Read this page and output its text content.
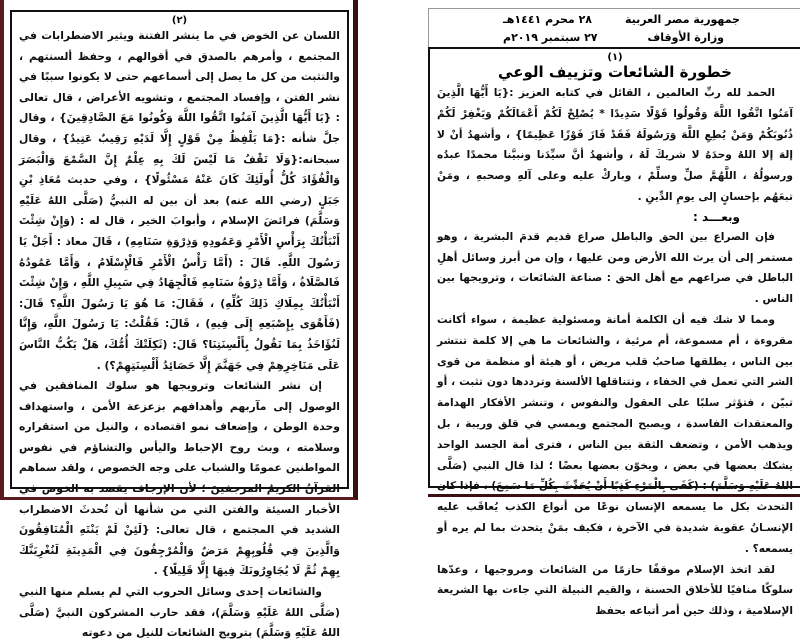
(٢)

اللسان عن الخوض في ما ينشر الفتنة ويثير الاضطرابات في المجتمع ، وأمرهم بالصدق في أقوالهم ، وحفظ ألسنتهم ، والتثبت من كل ما يصل إلى أسماعهم حتى لا يكونوا سببًا في نشر الفتن ، وإفساد المجتمع ، وتشويه الأعراض ، قال تعالى : {يَا أَيُّهَا الَّذِينَ آمَنُوا اتَّقُوا اللَّهَ وَكُونُوا مَعَ الصَّادِقِينَ} ، وقال جلَّ شأنه :{مَا يَلْفِظُ مِنْ قَوْلٍ إِلَّا لَدَيْهِ رَقِيبٌ عَتِيدٌ} ، وقال سبحانه:{وَلَا تَقْفُ مَا لَيْسَ لَكَ بِهِ عِلْمٌ إِنَّ السَّمْعَ وَالْبَصَرَ وَالْفُؤَادَ كُلُّ أُولَئِكَ كَانَ عَنْهُ مَسْئُولًا} ، وفي حديث مُعَاذِ بْنِ جَبَلٍ (رضي الله عنه) بعد أن بين له النبيُّ (صَلَّى اللهُ عَلَيْهِ وَسَلَّمَ) فرائضَ الإسلام ، وأبوابَ الخير ، قال له : (وَإِنْ شِئْتَ أَنْبَأْتُكَ بِرَأْسِ الْأَمْرِ وَعَمُودِهِ وَذِرْوَةِ سَنَامِهِ) ، قَالَ معاذ : أَجَلْ يَا رَسُولَ اللَّهِ. قَالَ : (أَمَّا رَأْسُ الْأَمْرِ فَالْإِسْلَامُ ، وَأَمَّا عَمُودُهُ فَالصَّلَاةُ ، وَأَمَّا ذِرْوَةُ سَنَامِهِ فَالْجِهَادُ فِي سَبِيلِ اللَّهِ ، وَإِنْ شِئْتَ أَنْبَأْتُكَ بِمِلَاكِ ذَلِكَ كُلِّهِ) ، فَقَالَ: مَا هُوَ يَا رَسُولَ اللَّهِ؟ قَالَ: (فَأَهْوَى بِإِصْبَعِهِ إِلَى فِيهِ) ، قَالَ: فَقُلْتُ: يَا رَسُولَ اللَّهِ، وَإِنَّا لَنُؤَاخَذُ بِمَا نَقُولُ بِأَلْسِنَتِنَا؟ قَالَ: (ثَكِلَتْكَ أُمُّكَ، هَلْ يَكُبُّ النَّاسَ عَلَى مَنَاخِرِهِمْ فِي جَهَنَّمَ إِلَّا حَصَائِدُ أَلْسِنَتِهِمْ؟) .

إن نشر الشائعات وترويجها هو سلوك المنافقين في الوصول إلى مآربهم وأهدافهم بزعزعة الأمن ، واستهداف وحدة الوطن ، وإضعاف نمو اقتصاده ، والنيل من استقراره وسلامته ، وبث روح الإحباط واليأس والتشاؤم في نفوس المواطنين عمومًا والشباب على وجه الخصوص ، ولقد سماهم القرآنُ الكريمُ المرجفينَ ؛ لأن الإرجاف يقصد به الخوض في الأخبار السيئة والفتن التي من شأنها أن تُحدثَ الاضطراب الشديد في المجتمع ، قال تعالى: {لَئِنْ لَمْ يَنْتَهِ الْمُنَافِقُونَ وَالَّذِينَ فِي قُلُوبِهِمْ مَرَضٌ وَالْمُرْجِفُونَ فِي الْمَدِينَةِ لَنُغْرِيَنَّكَ بِهِمْ ثُمَّ لَا يُجَاوِرُونَكَ فِيهَا إِلَّا قَلِيلًا} .

والشائعات إحدى وسائل الحروب التي لم يسلم منها النبي (صَلَّى اللهُ عَلَيْهِ وَسَلَّمَ)، فقد حارب المشركون النبيَّ (صَلَّى اللهُ عَلَيْهِ وَسَلَّمَ) بترويج الشائعات للنيل من دعوته

جمهورية مصر العربية
وزارة الأوقاف
٢٨ محرم ١٤٤١هـ
٢٧ سبتمبر ٢٠١٩م
(١)
خطورة الشائعات وتزييف الوعي

الحمد لله ربِّ العالمين ، القائل في كتابه العزيز :{يَا أَيُّهَا الَّذِينَ آمَنُوا اتَّقُوا اللَّهَ وَقُولُوا قَوْلًا سَدِيدًا * يُصْلِحْ لَكُمْ أَعْمَالَكُمْ وَيَغْفِرْ لَكُمْ ذُنُوبَكُمْ وَمَنْ يُطِعِ اللَّهَ وَرَسُولَهُ فَقَدْ فَازَ فَوْزًا عَظِيمًا} ، وأشهدُ أنْ لا إلهَ إلا اللهُ وحدَهُ لا شريكَ لَهُ ، وأشهدُ أنَّ سيِّدَنا ونبيَّنا محمدًا عبدُه ورسولُهُ ، اللَّهُمَّ صلِّ وسلِّمْ ، وباركْ عليه وعلى آلهِ وصحبهِ ، ومَنْ تبعَهُم بإحسانٍ إلى يومِ الدِّينِ .

وبعـــد :

فإن الصراع بين الحق والباطل صراع قديم قدمَ البشرية ، وهو مستمر إلى أن يرث الله الأرض ومن عليها ، وإن من أبرز وسائل أهلِ الباطل في صراعهم مع أهل الحق : صناعة الشائعات ، وترويجها بين الناس .

ومما لا شك فيه أن الكلمة أمانة ومسئولية عظيمة ، سواء أكانت مقروءة ، أم مسموعة، أم مرئية ، والشائعات ما هي إلا كلمة تنتشر بين الناس ، يطلقها صاحبُ قلب مريض ، أو هيئة أو منظمة من قوى الشر التي تعمل في الخفاء ، وتتناقلها الألسنة وترددها دون تثبت ، أو تبيّن ، فتؤثر سلبًا على العقول والنفوس ، وتنشر الأفكار الهدامة والمعتقدات الفاسدة ، ويصبح المجتمع ويمسي في قلق وريبة ، بل ويذهب الأمن ، وتضعف الثقة بين الناس ، فترى أمة الجسد الواحد يشكك بعضها في بعض ، ويخوّن بعضها بعضًا ؛ لذا قال النبي (صَلَّى اللهُ عَلَيْهِ وَسَلَّمَ) : (كَفَى بِالْمَرْءِ كَذِبًا أَنْ يُحَدِّثَ بِكُلِّ مَا سَمِعَ) ، فإذا كان التحدث بكل ما يسمعه الإنسان نوعًا من أنواع الكذب يُعاقَب عليه الإنسـانُ عقوبة شديدة في الآخرة ، فكيف بمَنْ يتحدث بما لم يره أو يسمعه؟ .

لقد اتخذ الإسلام موقفًا حازمًا من الشائعات ومروجيها ، وعدّها سلوكًا منافيًا للأخلاق الحسنة ، والقيم النبيلة التي جاءت بها الشريعة الإسلامية ، وذلك حين أمر أتباعه بحفظ
